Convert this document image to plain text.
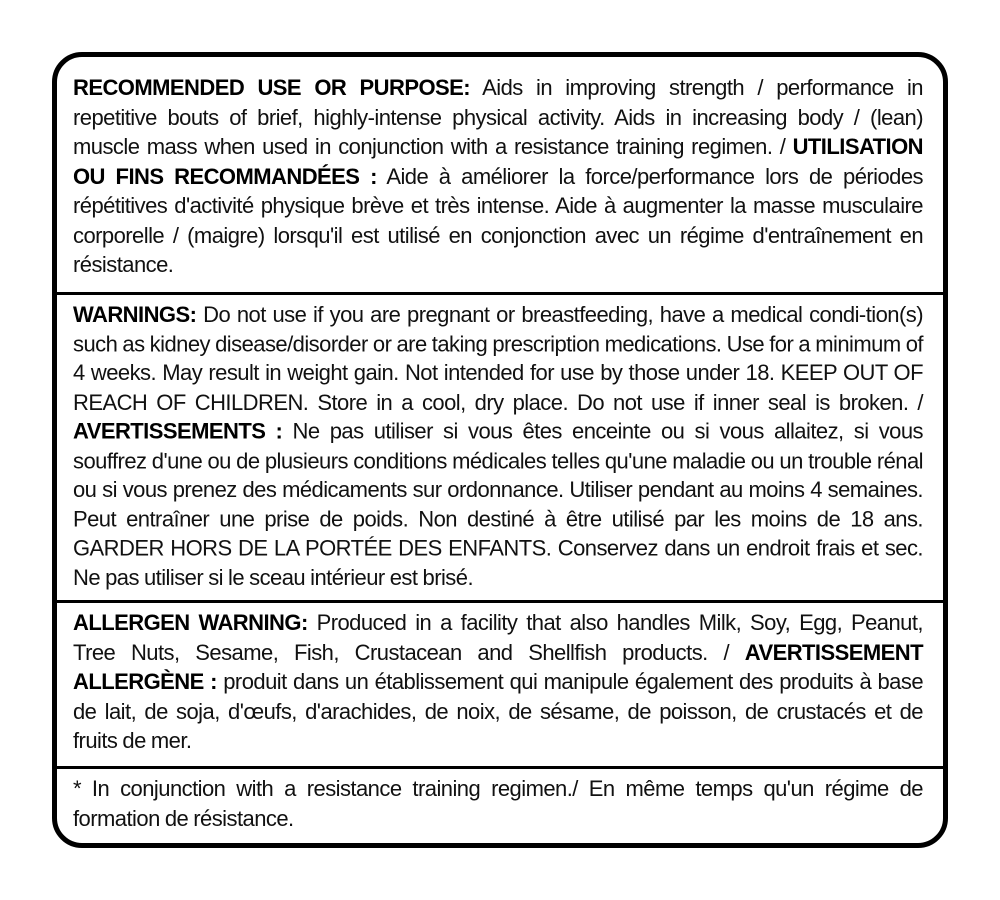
RECOMMENDED USE OR PURPOSE: Aids in improving strength / performance in repetitive bouts of brief, highly-intense physical activity. Aids in increasing body / (lean) muscle mass when used in conjunction with a resistance training regimen. / UTILISATION OU FINS RECOMMANDÉES : Aide à améliorer la force/performance lors de périodes répétitives d'activité physique brève et très intense. Aide à augmenter la masse musculaire corporelle / (maigre) lorsqu'il est utilisé en conjonction avec un régime d'entraînement en résistance.
WARNINGS: Do not use if you are pregnant or breastfeeding, have a medical condi-tion(s) such as kidney disease/disorder or are taking prescription medications. Use for a minimum of 4 weeks. May result in weight gain. Not intended for use by those under 18. KEEP OUT OF REACH OF CHILDREN. Store in a cool, dry place. Do not use if inner seal is broken. / AVERTISSEMENTS : Ne pas utiliser si vous êtes enceinte ou si vous allaitez, si vous souffrez d'une ou de plusieurs conditions médicales telles qu'une maladie ou un trouble rénal ou si vous prenez des médicaments sur ordonnance. Utiliser pendant au moins 4 semaines. Peut entraîner une prise de poids. Non destiné à être utilisé par les moins de 18 ans. GARDER HORS DE LA PORTÉE DES ENFANTS. Conservez dans un endroit frais et sec. Ne pas utiliser si le sceau intérieur est brisé.
ALLERGEN WARNING: Produced in a facility that also handles Milk, Soy, Egg, Peanut, Tree Nuts, Sesame, Fish, Crustacean and Shellfish products. / AVERTISSEMENT ALLERGÈNE : produit dans un établissement qui manipule également des produits à base de lait, de soja, d'œufs, d'arachides, de noix, de sésame, de poisson, de crustacés et de fruits de mer.
* In conjunction with a resistance training regimen./ En même temps qu'un régime de formation de résistance.
